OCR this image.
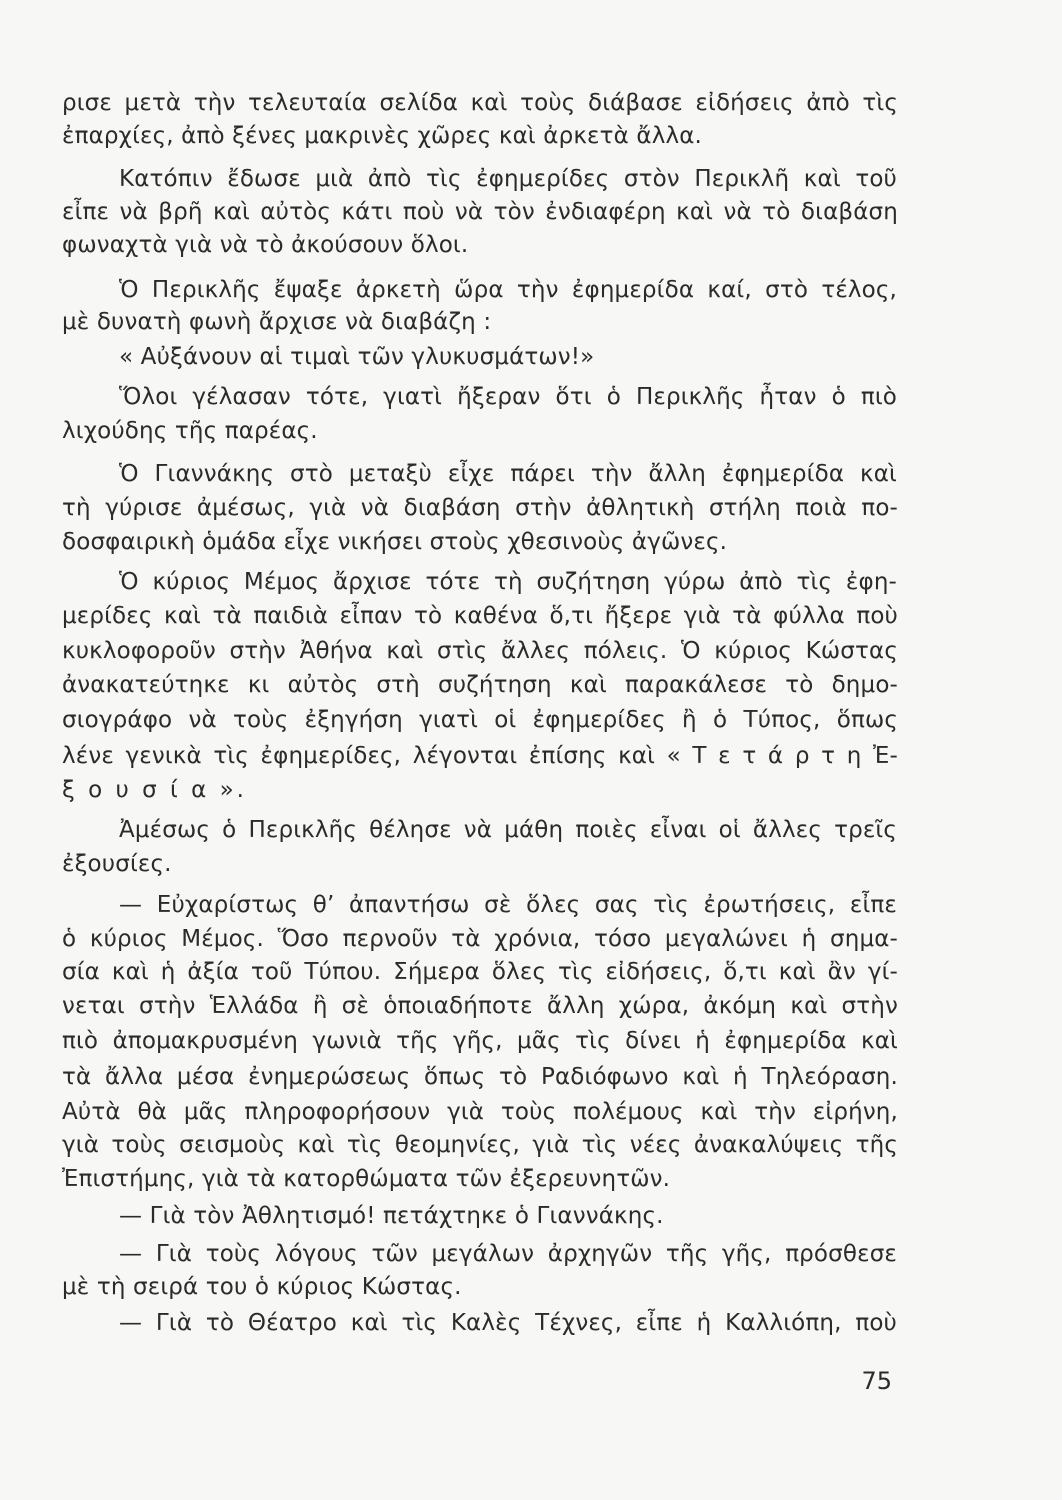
ρισε μετὰ τὴν τελευταία σελίδα καὶ τοὺς διάβασε εἰδήσεις ἀπὸ τὶς
ἐπαρχίες, ἀπὸ ξένες μακρινὲς χῶρες καὶ ἀρκετὰ ἄλλα.
Κατόπιν ἔδωσε μιὰ ἀπὸ τὶς ἐφημερίδες στὸν Περικλῆ καὶ τοῦ
εἶπε νὰ βρῆ καὶ αὐτὸς κάτι ποὺ νὰ τὸν ἐνδιαφέρη καὶ νὰ τὸ διαβάση
φωναχτὰ γιὰ νὰ τὸ ἀκούσουν ὅλοι.
Ὁ Περικλῆς ἔψαξε ἀρκετὴ ὥρα τὴν ἐφημερίδα καί, στὸ τέλος,
μὲ δυνατὴ φωνὴ ἄρχισε νὰ διαβάζη :
« Αὐξάνουν αἱ τιμαὶ τῶν γλυκυσμάτων!»
Ὅλοι γέλασαν τότε, γιατὶ ἤξεραν ὅτι ὁ Περικλῆς ἦταν ὁ πιὸ
λιχούδης τῆς παρέας.
Ὁ Γιαννάκης στὸ μεταξὺ εἶχε πάρει τὴν ἄλλη ἐφημερίδα καὶ
τὴ γύρισε ἀμέσως, γιὰ νὰ διαβάση στὴν ἀθλητικὴ στήλη ποιὰ πο-
δοσφαιρικὴ ὁμάδα εἶχε νικήσει στοὺς χθεσινοὺς ἀγῶνες.
Ὁ κύριος Μέμος ἄρχισε τότε τὴ συζήτηση γύρω ἀπὸ τὶς ἐφη-
μερίδες καὶ τὰ παιδιὰ εἶπαν τὸ καθένα ὅ,τι ἤξερε γιὰ τὰ φύλλα ποὺ
κυκλοφοροῦν στὴν Ἀθήνα καὶ στὶς ἄλλες πόλεις. Ὁ κύριος Κώστας
ἀνακατεύτηκε κι αὐτὸς στὴ συζήτηση καὶ παρακάλεσε τὸ δημο-
σιογράφο νὰ τοὺς ἐξηγήση γιατὶ οἱ ἐφημερίδες ἢ ὁ Τύπος, ὅπως
λένε γενικὰ τὶς ἐφημερίδες, λέγονται ἐπίσης καὶ « Τ ε τ ά ρ τ η Ἐ-
ξ ο υ σ ί α ».
Ἀμέσως ὁ Περικλῆς θέλησε νὰ μάθη ποιὲς εἶναι οἱ ἄλλες τρεῖς
ἐξουσίες.
— Εὐχαρίστως θ’ ἀπαντήσω σὲ ὅλες σας τὶς ἐρωτήσεις, εἶπε
ὁ κύριος Μέμος. Ὅσο περνοῦν τὰ χρόνια, τόσο μεγαλώνει ἡ σημα-
σία καὶ ἡ ἀξία τοῦ Τύπου. Σήμερα ὅλες τὶς εἰδήσεις, ὅ,τι καὶ ἂν γί-
νεται στὴν Ἑλλάδα ἢ σὲ ὁποιαδήποτε ἄλλη χώρα, ἀκόμη καὶ στὴν
πιὸ ἀπομακρυσμένη γωνιὰ τῆς γῆς, μᾶς τὶς δίνει ἡ ἐφημερίδα καὶ
τὰ ἄλλα μέσα ἐνημερώσεως ὅπως τὸ Ραδιόφωνο καὶ ἡ Τηλεόραση.
Αὐτὰ θὰ μᾶς πληροφορήσουν γιὰ τοὺς πολέμους καὶ τὴν εἰρήνη,
γιὰ τοὺς σεισμοὺς καὶ τὶς θεομηνίες, γιὰ τὶς νέες ἀνακαλύψεις τῆς
Ἐπιστήμης, γιὰ τὰ κατορθώματα τῶν ἐξερευνητῶν.
— Γιὰ τὸν Ἀθλητισμό! πετάχτηκε ὁ Γιαννάκης.
— Γιὰ τοὺς λόγους τῶν μεγάλων ἀρχηγῶν τῆς γῆς, πρόσθεσε
μὲ τὴ σειρά του ὁ κύριος Κώστας.
— Γιὰ τὸ Θέατρο καὶ τὶς Καλὲς Τέχνες, εἶπε ἡ Καλλιόπη, ποὺ
75
